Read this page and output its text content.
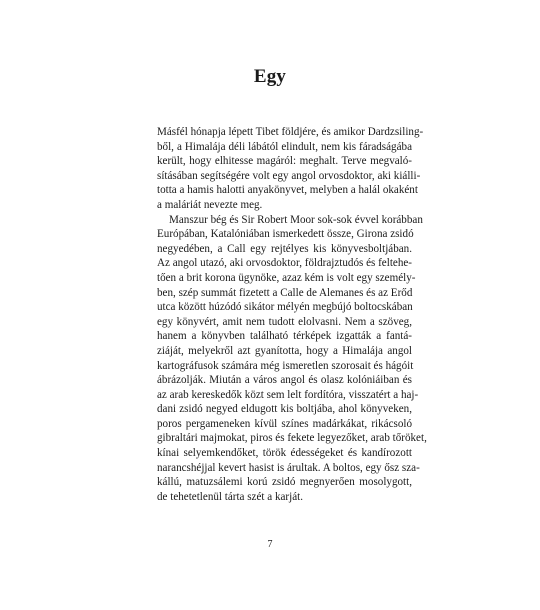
Egy
Másfél hónapja lépett Tibet földjére, és amikor Dardzsiling-
ből, a Himalája déli lábától elindult, nem kis fáradságába
került, hogy elhitesse magáról: meghalt. Terve megvaló-
sításában segítségére volt egy angol orvosdoktor, aki kiálli-
totta a hamis halotti anyakönyvet, melyben a halál okaként
a maláriát nevezte meg.
Manszur bég és Sir Robert Moor sok-sok évvel korábban
Európában, Katalóniában ismerkedett össze, Girona zsidó
negyedében, a Call egy rejtélyes kis könyvesboltjában.
Az angol utazó, aki orvosdoktor, földrajztudós és feltehe-
tően a brit korona ügynöke, azaz kém is volt egy személy-
ben, szép summát fizetett a Calle de Alemanes és az Erőd
utca között húzódó sikátor mélyén megbújó boltocskában
egy könyvért, amit nem tudott elolvasni. Nem a szöveg,
hanem a könyvben található térképek izgatták a fantá-
ziáját, melyekről azt gyanította, hogy a Himalája angol
kartográfusok számára még ismeretlen szorosait és hágóit
ábrázolják. Miután a város angol és olasz kolóniáiban és
az arab kereskedők közt sem lelt fordítóra, visszatért a haj-
dani zsidó negyed eldugott kis boltjába, ahol könyveken,
poros pergameneken kívül színes madárkákat, rikácsoló
gibraltári majmokat, piros és fekete legyezőket, arab tőröket,
kínai selyemkendőket, török édességeket és kandírozott
naranсshéjjal kevert hasist is árultak. A boltos, egy ősz sza-
kállú, matuzsálemi korú zsidó megnyerően mosolygott,
de tehetetlenül tárta szét a karját.
7
